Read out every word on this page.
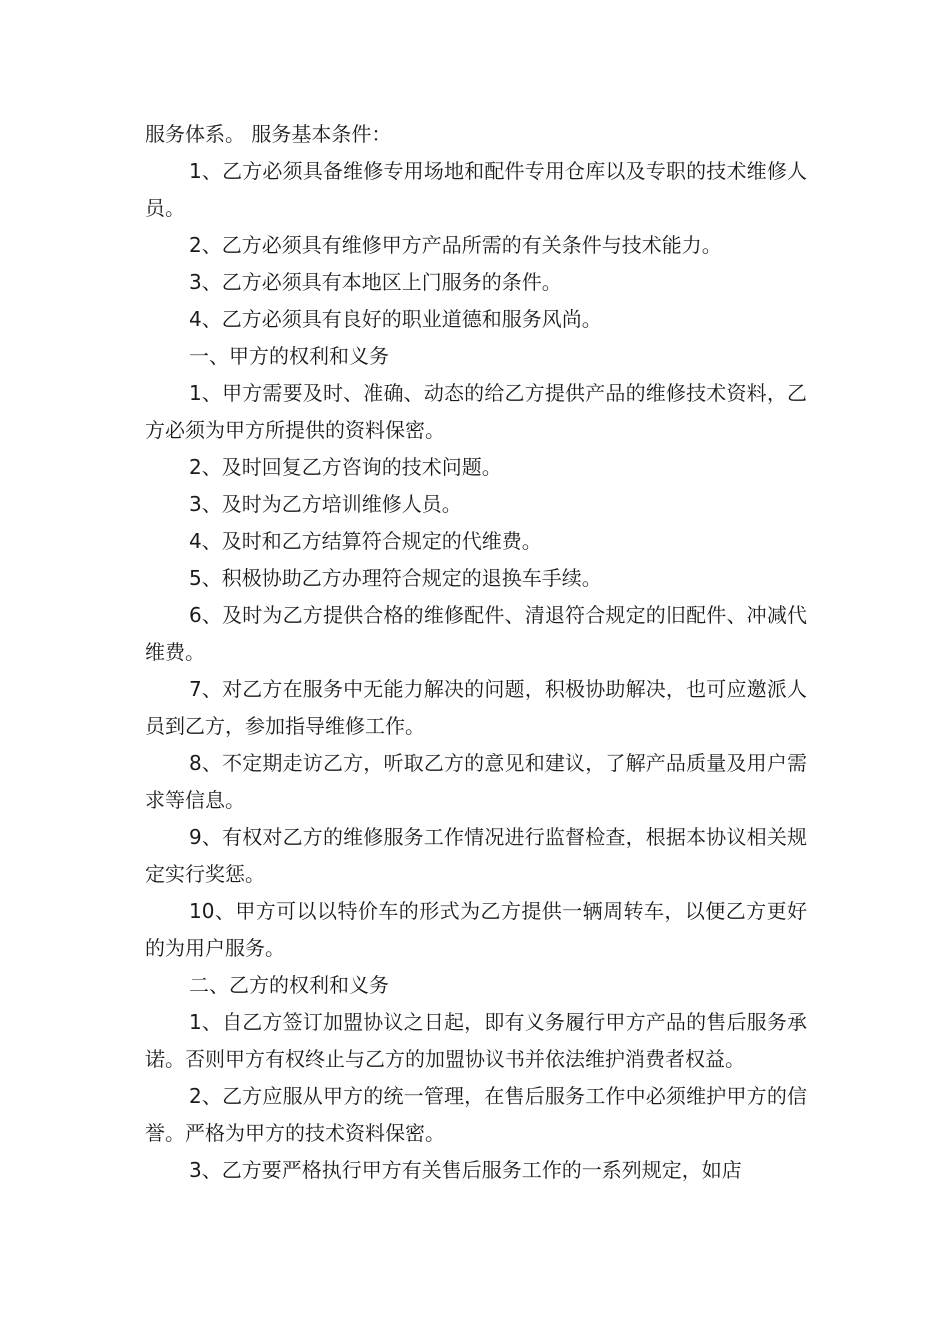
服务体系。 服务基本条件：

1、乙方必须具备维修专用场地和配件专用仓库以及专职的技术维修人员。

2、乙方必须具有维修甲方产品所需的有关条件与技术能力。

3、乙方必须具有本地区上门服务的条件。

4、乙方必须具有良好的职业道德和服务风尚。

一、甲方的权利和义务

1、甲方需要及时、准确、动态的给乙方提供产品的维修技术资料，乙方必须为甲方所提供的资料保密。

2、及时回复乙方咨询的技术问题。

3、及时为乙方培训维修人员。

4、及时和乙方结算符合规定的代维费。

5、积极协助乙方办理符合规定的退换车手续。

6、及时为乙方提供合格的维修配件、清退符合规定的旧配件、冲减代维费。

7、对乙方在服务中无能力解决的问题，积极协助解决，也可应邀派人员到乙方，参加指导维修工作。

8、不定期走访乙方，听取乙方的意见和建议，了解产品质量及用户需求等信息。

9、有权对乙方的维修服务工作情况进行监督检查，根据本协议相关规定实行奖惩。

10、甲方可以以特价车的形式为乙方提供一辆周转车，以便乙方更好的为用户服务。

二、乙方的权利和义务

1、自乙方签订加盟协议之日起，即有义务履行甲方产品的售后服务承诺。否则甲方有权终止与乙方的加盟协议书并依法维护消费者权益。

2、乙方应服从甲方的统一管理，在售后服务工作中必须维护甲方的信誉。严格为甲方的技术资料保密。

3、乙方要严格执行甲方有关售后服务工作的一系列规定，如店
